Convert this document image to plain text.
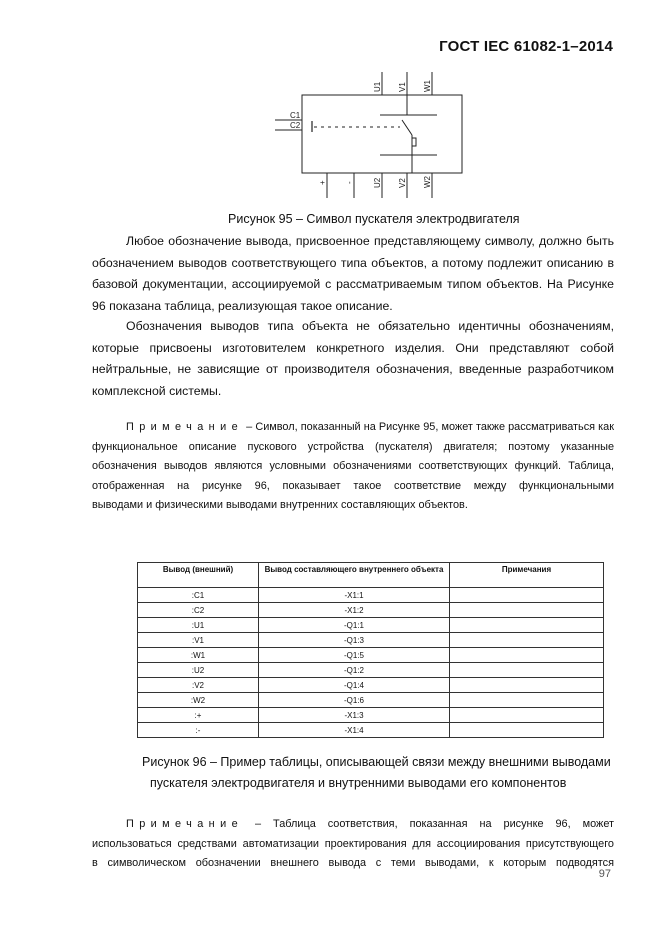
ГОСТ IEC 61082-1–2014
C1
C2
U1 V1 W1
+ - U2 V2 W2
Рисунок 95 – Символ пускателя электродвигателя
Любое обозначение вывода, присвоенное представляющему символу, должно быть
обозначением выводов соответствующего типа объектов, а потому подлежит описанию в
базовой документации, ассоциируемой с рассматриваемым типом объектов. На Рисунке
96 показана таблица, реализующая такое описание.
Обозначения выводов типа объекта не обязательно идентичны обозначениям,
которые присвоены изготовителем конкретного изделия. Они представляют собой
нейтральные, не зависящие от производителя обозначения, введенные разработчиком
комплексной системы.
Примечание – Символ, показанный на Рисунке 95, может также рассматриваться как
функциональное описание пускового устройства (пускателя) двигателя; поэтому указанные
обозначения выводов являются условными обозначениями соответствующих функций. Таблица,
отображенная на рисунке 96, показывает такое соответствие между функциональными
выводами и физическими выводами внутренних составляющих объектов.
Вывод (внешний)	Вывод составляющего внутреннего объекта	Примечания
:C1	-X1:1	
:C2	-X1:2	
:U1	-Q1:1	
:V1	-Q1:3	
:W1	-Q1:5	
:U2	-Q1:2	
:V2	-Q1:4	
:W2	-Q1:6	
:+	-X1:3	
:-	-X1:4	
Рисунок 96 – Пример таблицы, описывающей связи между внешними выводами
пускателя электродвигателя и внутренними выводами его компонентов
Примечание – Таблица соответствия, показанная на рисунке 96, может
использоваться средствами автоматизации проектирования для ассоциирования присутствующего
в символическом обозначении внешнего вывода с теми выводами, к которым подводятся
97
